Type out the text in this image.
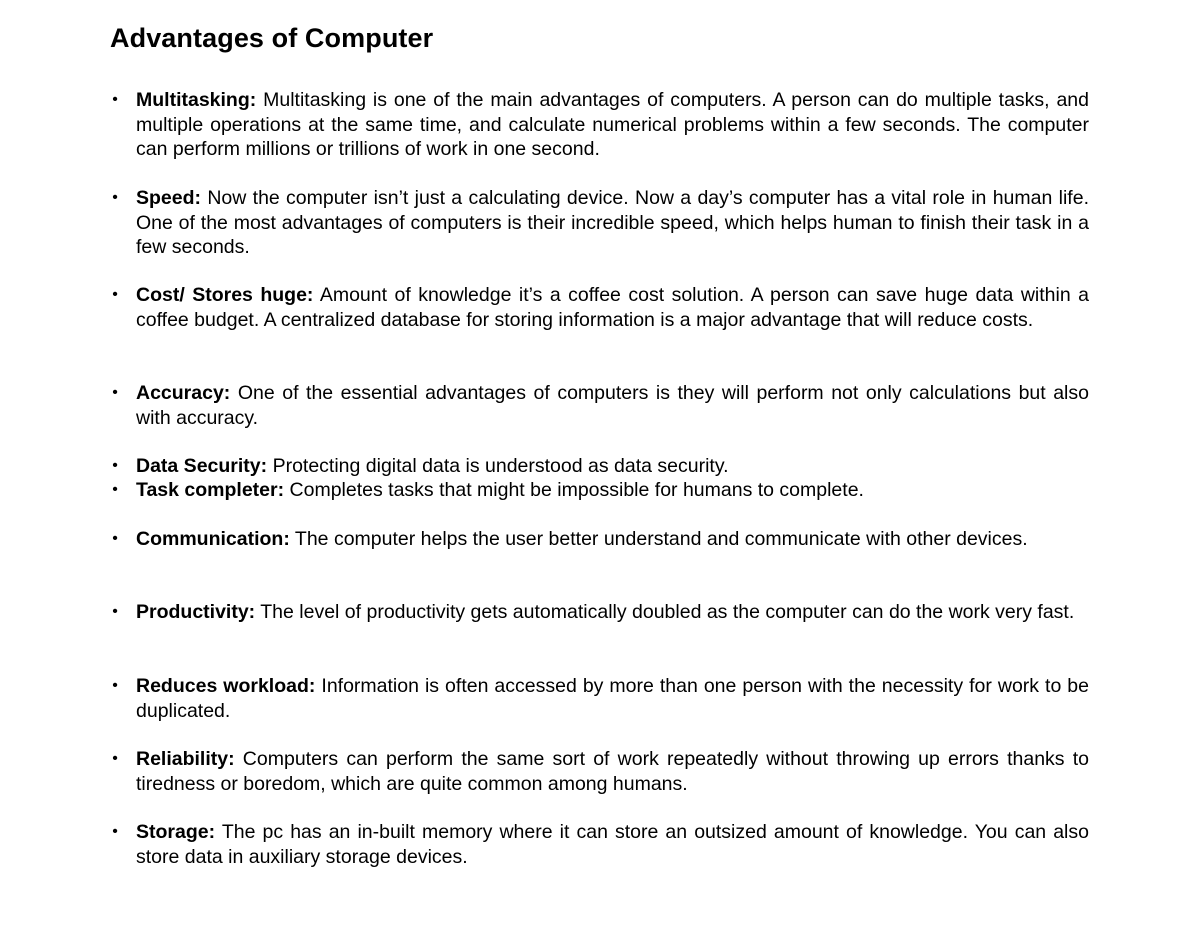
Advantages of Computer

• Multitasking: Multitasking is one of the main advantages of computers. A person can do multiple tasks, and multiple operations at the same time, and calculate numerical problems within a few seconds. The computer can perform millions or trillions of work in one second.

• Speed: Now the computer isn’t just a calculating device. Now a day’s computer has a vital role in human life. One of the most advantages of computers is their incredible speed, which helps human to finish their task in a few seconds.

• Cost/ Stores huge: Amount of knowledge it’s a coffee cost solution. A person can save huge data within a coffee budget. A centralized database for storing information is a major advantage that will reduce costs.

• Accuracy: One of the essential advantages of computers is they will perform not only calculations but also with accuracy.

• Data Security: Protecting digital data is understood as data security.

• Task completer: Completes tasks that might be impossible for humans to complete.

• Communication: The computer helps the user better understand and communicate with other devices.

• Productivity: The level of productivity gets automatically doubled as the computer can do the work very fast.

• Reduces workload: Information is often accessed by more than one person with the necessity for work to be duplicated.

• Reliability: Computers can perform the same sort of work repeatedly without throwing up errors thanks to tiredness or boredom, which are quite common among humans.

• Storage: The pc has an in-built memory where it can store an outsized amount of knowledge. You can also store data in auxiliary storage devices.
